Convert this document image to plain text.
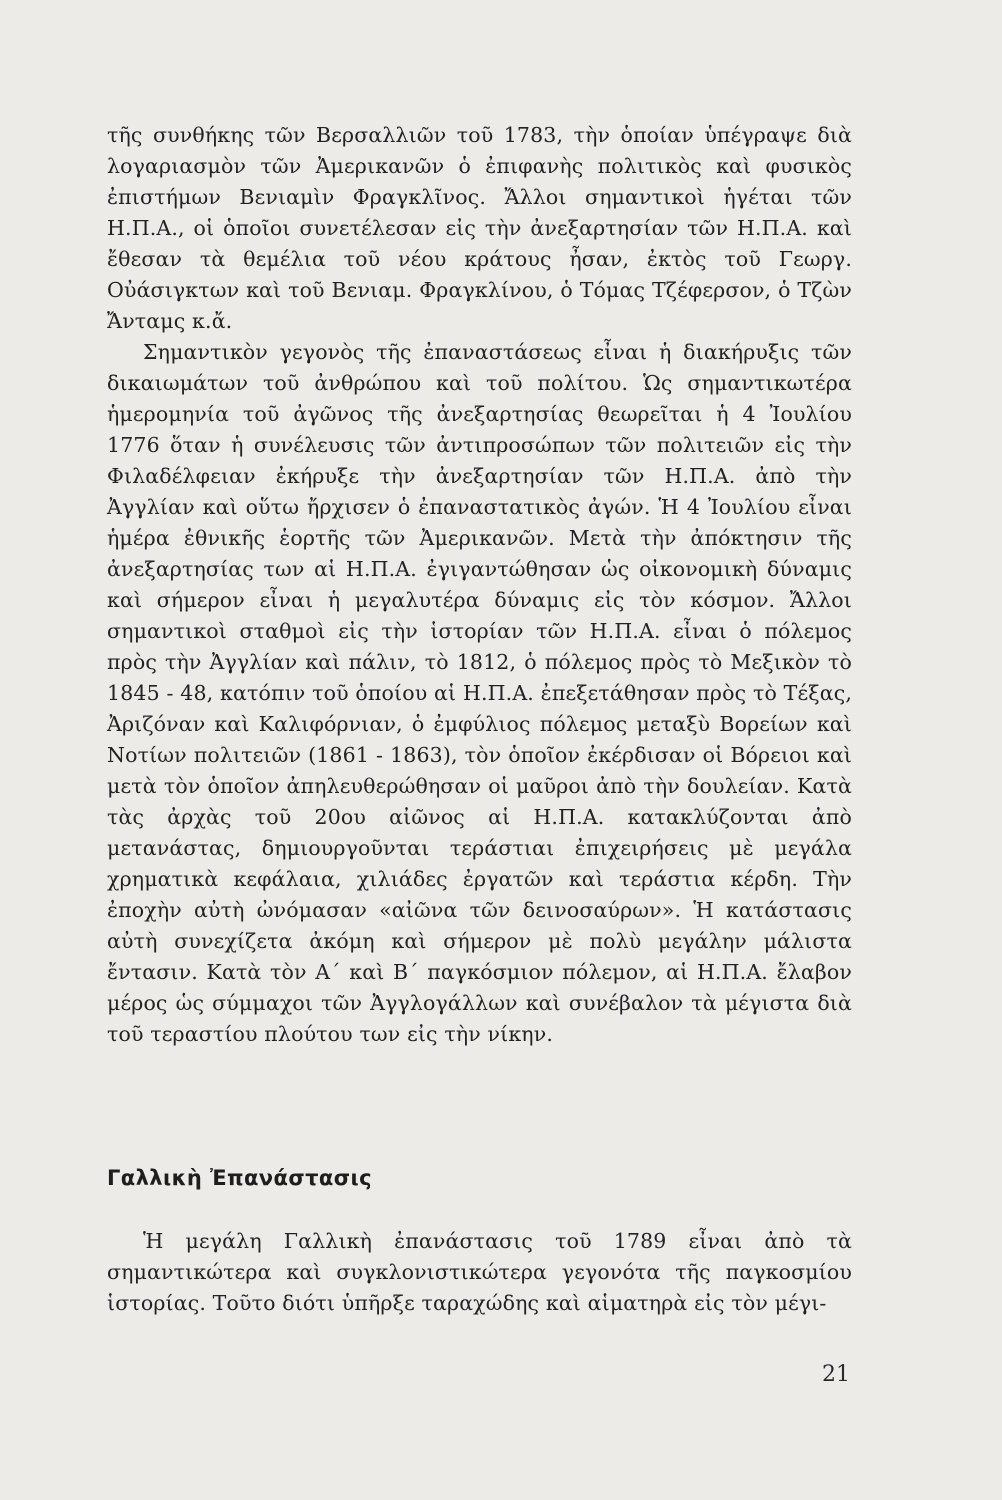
τῆς συνθήκης τῶν Βερσαλλιῶν τοῦ 1783, τὴν ὁποίαν ὑπέγραψε διὰ λογαριασμὸν τῶν Ἀμερικανῶν ὁ ἐπιφανὴς πολιτικὸς καὶ φυσικὸς ἐπιστήμων Βενιαμὶν Φραγκλῖνος. Ἄλλοι σημαντικοὶ ἡγέται τῶν Η.Π.Α., οἱ ὁποῖοι συνετέλεσαν εἰς τὴν ἀνεξαρτησίαν τῶν Η.Π.Α. καὶ ἔθεσαν τὰ θεμέλια τοῦ νέου κράτους ἦσαν, ἐκτὸς τοῦ Γεωργ. Οὐάσιγκτων καὶ τοῦ Βενιαμ. Φραγκλίνου, ὁ Τόμας Τζέφερσον, ὁ Τζὼν Ἄνταμς κ.ἄ.

Σημαντικὸν γεγονὸς τῆς ἐπαναστάσεως εἶναι ἡ διακήρυξις τῶν δικαιωμάτων τοῦ ἀνθρώπου καὶ τοῦ πολίτου. Ὡς σημαντικωτέρα ἡμερομηνία τοῦ ἀγῶνος τῆς ἀνεξαρτησίας θεωρεῖται ἡ 4 Ἰουλίου 1776 ὅταν ἡ συνέλευσις τῶν ἀντιπροσώπων τῶν πολιτειῶν εἰς τὴν Φιλαδέλφειαν ἐκήρυξε τὴν ἀνεξαρτησίαν τῶν Η.Π.Α. ἀπὸ τὴν Ἀγγλίαν καὶ οὕτω ἤρχισεν ὁ ἐπαναστατικὸς ἀγών. Ἡ 4 Ἰουλίου εἶναι ἡμέρα ἐθνικῆς ἑορτῆς τῶν Ἀμερικανῶν. Μετὰ τὴν ἀπόκτησιν τῆς ἀνεξαρτησίας των αἱ Η.Π.Α. ἐγιγαντώθησαν ὡς οἰκονομικὴ δύναμις καὶ σήμερον εἶναι ἡ μεγαλυτέρα δύναμις εἰς τὸν κόσμον. Ἄλλοι σημαντικοὶ σταθμοὶ εἰς τὴν ἱστορίαν τῶν Η.Π.Α. εἶναι ὁ πόλεμος πρὸς τὴν Ἀγγλίαν καὶ πάλιν, τὸ 1812, ὁ πόλεμος πρὸς τὸ Μεξικὸν τὸ 1845 - 48, κατόπιν τοῦ ὁποίου αἱ Η.Π.Α. ἐπεξετάθησαν πρὸς τὸ Τέξας, Ἀριζόναν καὶ Καλιφόρνιαν, ὁ ἐμφύλιος πόλεμος μεταξὺ Βορείων καὶ Νοτίων πολιτειῶν (1861 - 1863), τὸν ὁποῖον ἐκέρδισαν οἱ Βόρειοι καὶ μετὰ τὸν ὁποῖον ἀπηλευθερώθησαν οἱ μαῦροι ἀπὸ τὴν δουλείαν. Κατὰ τὰς ἀρχὰς τοῦ 20ου αἰῶνος αἱ Η.Π.Α. κατακλύζονται ἀπὸ μετανάστας, δημιουργοῦνται τεράστιαι ἐπιχειρήσεις μὲ μεγάλα χρηματικὰ κεφάλαια, χιλιάδες ἐργατῶν καὶ τεράστια κέρδη. Τὴν ἐποχὴν αὐτὴ ὠνόμασαν «αἰῶνα τῶν δεινοσαύρων». Ἡ κατάστασις αὐτὴ συνεχίζετα ἀκόμη καὶ σήμερον μὲ πολὺ μεγάλην μάλιστα ἔντασιν. Κατὰ τὸν Α΄ καὶ Β΄ παγκόσμιον πόλεμον, αἱ Η.Π.Α. ἔλαβον μέρος ὡς σύμμαχοι τῶν Ἀγγλογάλλων καὶ συνέβαλον τὰ μέγιστα διὰ τοῦ τεραστίου πλούτου των εἰς τὴν νίκην.

Γαλλικὴ Ἐπανάστασις

Ἡ μεγάλη Γαλλικὴ ἐπανάστασις τοῦ 1789 εἶναι ἀπὸ τὰ σημαντικώτερα καὶ συγκλονιστικώτερα γεγονότα τῆς παγκοσμίου ἱστορίας. Τοῦτο διότι ὑπῆρξε ταραχώδης καὶ αἱματηρὰ εἰς τὸν μέγι-

21
